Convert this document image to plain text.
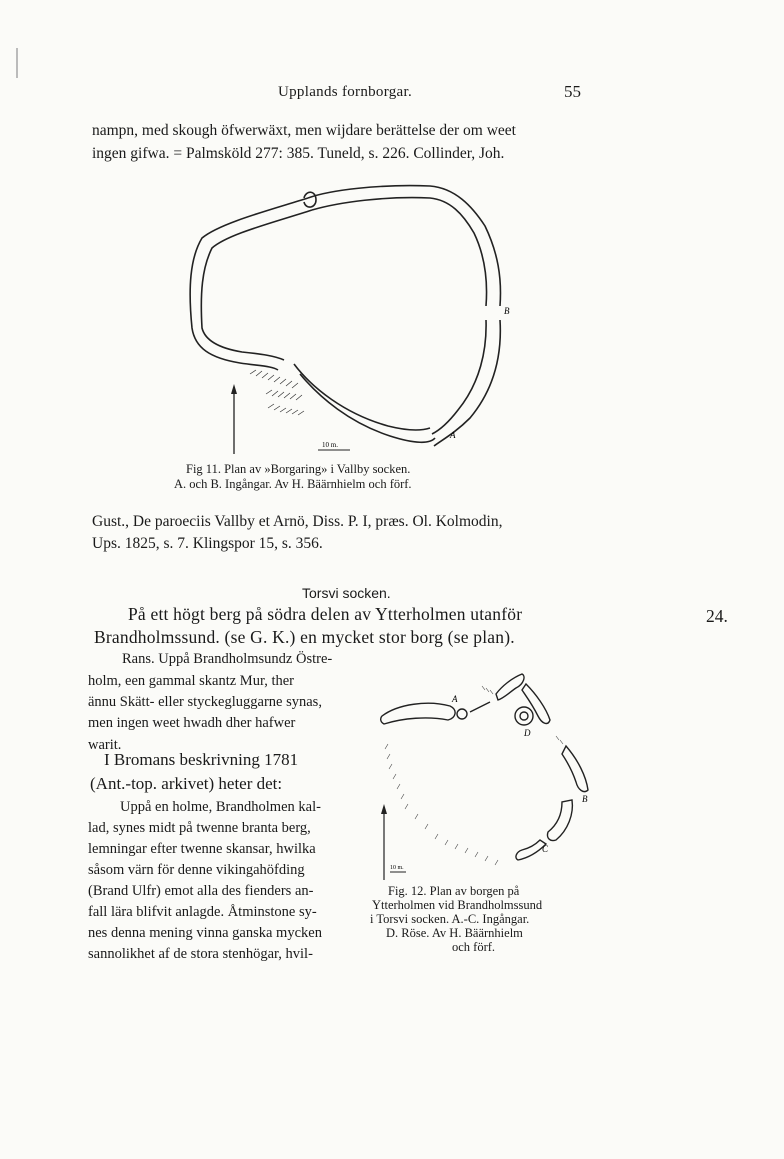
Upplands fornborgar.	55
nampn, med skough öfwerwäxt, men wijdare berättelse der om weet
ingen gifwa. = Palmsköld 277: 385. Tuneld, s. 226. Collinder, Joh.
10 m.
A
B
Fig 11. Plan av »Borgaring» i Vallby socken.
A. och B. Ingångar. Av H. Bäärnhielm och förf.
Gust., De paroeciis Vallby et Arnö, Diss. P. I, præs. Ol. Kolmodin,
Ups. 1825, s. 7. Klingspor 15, s. 356.
Torsvi socken.
På ett högt berg på södra delen av Ytterholmen utanför	24.
Brandholmssund. (se G. K.) en mycket stor borg (se plan).
Rans. Uppå Brandholmsundz Östre-
holm, een gammal skantz Mur, ther
ännu Skätt- eller styckegluggarne synas,
men ingen weet hwadh dher hafwer
warit.
I Bromans beskrivning 1781
(Ant.-top. arkivet) heter det:
Uppå en holme, Brandholmen kal-
lad, synes midt på twenne branta berg,
lemningar efter twenne skansar, hwilka
såsom värn för denne vikingahöfding
(Brand Ulfr) emot alla des fienders an-
fall lära blifvit anlagde. Åtminstone sy-
nes denna mening vinna ganska mycken
sannolikhet af de stora stenhögar, hvil-
10 m.
A
D
B
C
Fig. 12. Plan av borgen på
Ytterholmen vid Brandholmssund
i Torsvi socken. A.-C. Ingångar.
D. Röse. Av H. Bäärnhielm
och förf.
